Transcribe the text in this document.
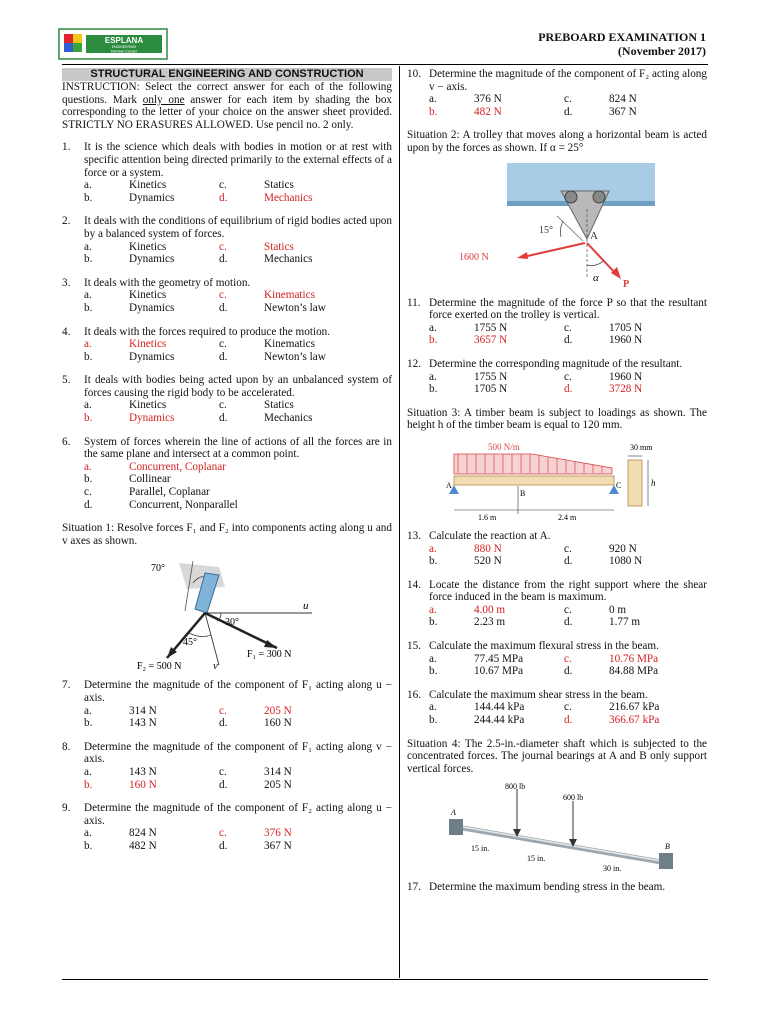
ESPLANA
ENGINEERING
Review Center
PREBOARD EXAMINATION 1
(November 2017)
STRUCTURAL ENGINEERING AND CONSTRUCTION
INSTRUCTION: Select the correct answer for each of the following questions. Mark only one answer for each item by shading the box corresponding to the letter of your choice on the answer sheet provided. STRICTLY NO ERASURES ALLOWED. Use pencil no. 2 only.
1.	It is the science which deals with bodies in motion or at rest with specific attention being directed primarily to the external effects of a force or a system.
a.	Kinetics	c.	Statics
b.	Dynamics	d.	Mechanics
2.	It deals with the conditions of equilibrium of rigid bodies acted upon by a balanced system of forces.
a.	Kinetics	c.	Statics
b.	Dynamics	d.	Mechanics
3.	It deals with the geometry of motion.
a.	Kinetics	c.	Kinematics
b.	Dynamics	d.	Newton’s law
4.	It deals with the forces required to produce the motion.
a.	Kinetics	c.	Kinematics
b.	Dynamics	d.	Newton’s law
5.	It deals with bodies being acted upon by an unbalanced system of forces causing the rigid body to be accelerated.
a.	Kinetics	c.	Statics
b.	Dynamics	d.	Mechanics
6.	System of forces wherein the line of actions of all the forces are in the same plane and intersect at a common point.
a.	Concurrent, Coplanar
b.	Collinear
c.	Parallel, Coplanar
d.	Concurrent, Nonparallel
Situation 1: Resolve forces F₁ and F₂ into components acting along u and v axes as shown.
70°
30°
45°
u
v
F₁ = 300 N
F₂ = 500 N
7.	Determine the magnitude of the component of F₁ acting along u − axis.
a.	314 N	c.	205 N
b.	143 N	d.	160 N
8.	Determine the magnitude of the component of F₁ acting along v − axis.
a.	143 N	c.	314 N
b.	160 N	d.	205 N
9.	Determine the magnitude of the component of F₂ acting along u − axis.
a.	824 N	c.	376 N
b.	482 N	d.	367 N
10. Determine the magnitude of the component of F₂ acting along v − axis.
a.	376 N	c.	824 N
b.	482 N	d.	367 N
Situation 2: A trolley that moves along a horizontal beam is acted upon by the forces as shown. If α = 25°
15°	A
1600 N
α
P
11. Determine the magnitude of the force P so that the resultant force exerted on the trolley is vertical.
a.	1755 N	c.	1705 N
b.	3657 N	d.	1960 N
12. Determine the corresponding magnitude of the resultant.
a.	1755 N	c.	1960 N
b.	1705 N	d.	3728 N
Situation 3: A timber beam is subject to loadings as shown. The height h of the timber beam is equal to 120 mm.
500 N/m	30 mm
h
A
B
C
1.6 m	2.4 m
13. Calculate the reaction at A.
a.	880 N	c.	920 N
b.	520 N	d.	1080 N
14. Locate the distance from the right support where the shear force induced in the beam is maximum.
a.	4.00 m	c.	0 m
b.	2.23 m	d.	1.77 m
15. Calculate the maximum flexural stress in the beam.
a.	77.45 MPa	c.	10.76 MPa
b.	10.67 MPa	d.	84.88 MPa
16. Calculate the maximum shear stress in the beam.
a.	144.44 kPa	c.	216.67 kPa
b.	244.44 kPa	d.	366.67 kPa
Situation 4: The 2.5-in.-diameter shaft which is subjected to the concentrated forces. The journal bearings at A and B only support vertical forces.
800 lb
600 lb
A
B
15 in.
15 in.
30 in.
17. Determine the maximum bending stress in the beam.
